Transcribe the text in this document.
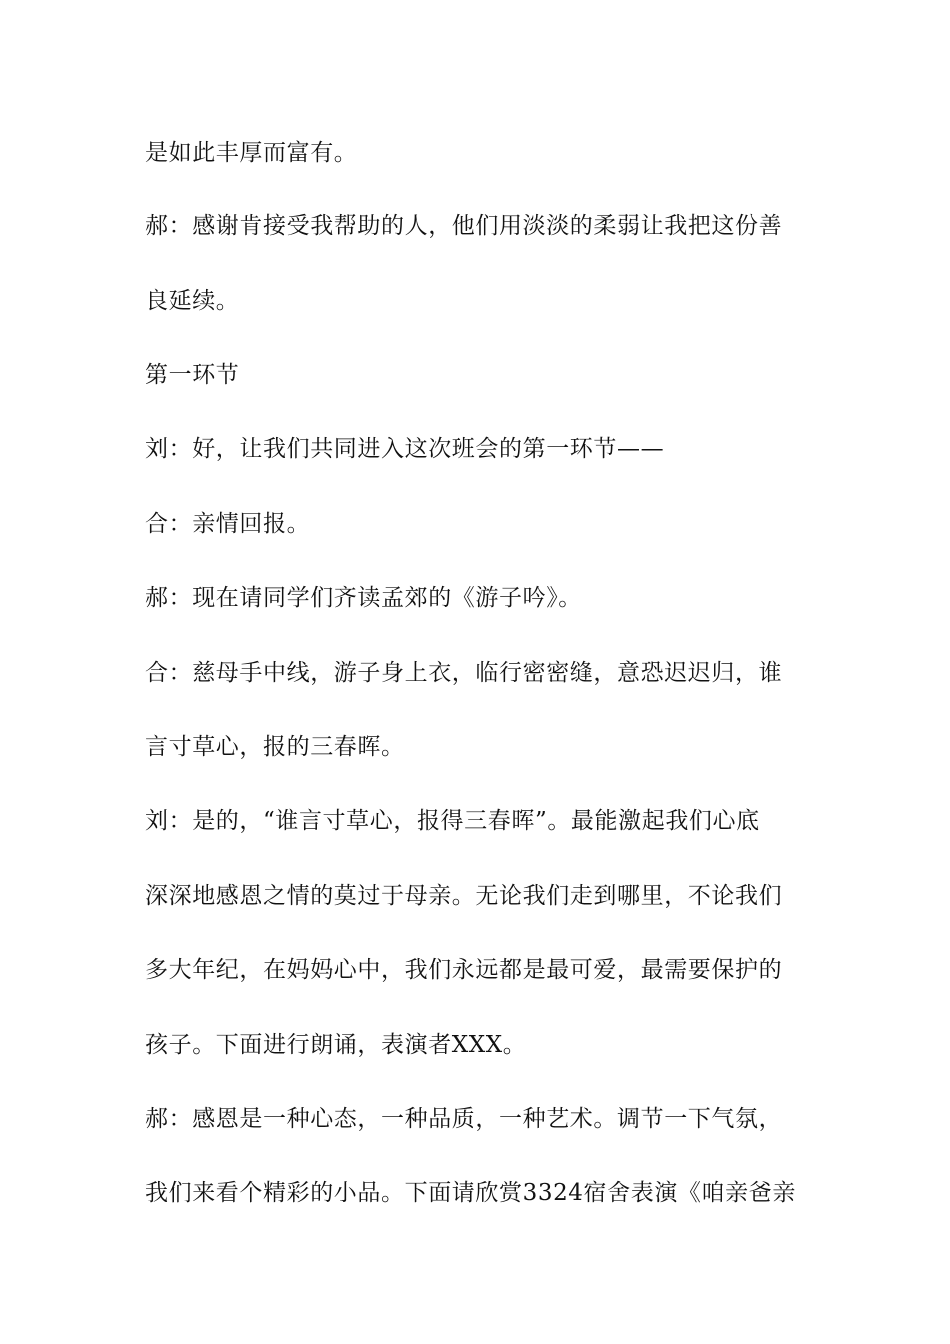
是如此丰厚而富有。

郝：感谢肯接受我帮助的人，他们用淡淡的柔弱让我把这份善

良延续。

第一环节

刘：好，让我们共同进入这次班会的第一环节——

合：亲情回报。

郝：现在请同学们齐读孟郊的《游子吟》。

合：慈母手中线，游子身上衣，临行密密缝，意恐迟迟归，谁

言寸草心，报的三春晖。

刘：是的，“谁言寸草心，报得三春晖”。最能激起我们心底

深深地感恩之情的莫过于母亲。无论我们走到哪里，不论我们

多大年纪，在妈妈心中，我们永远都是最可爱，最需要保护的

孩子。下面进行朗诵，表演者XXX。

郝：感恩是一种心态，一种品质，一种艺术。调节一下气氛，

我们来看个精彩的小品。下面请欣赏3324宿舍表演《咱亲爸亲
